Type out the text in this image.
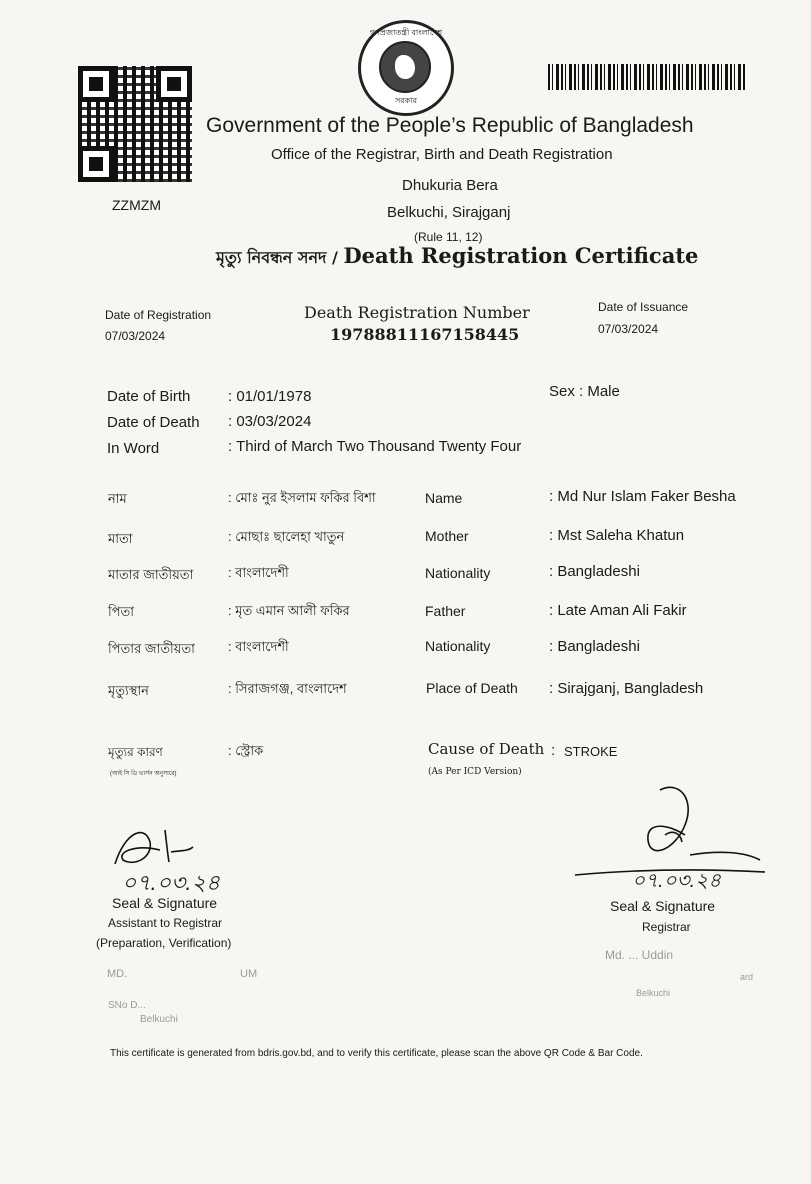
ZZMZM
গণপ্রজাতন্ত্রী বাংলাদেশ
সরকার
Government of the People’s Republic of Bangladesh
Office of the Registrar, Birth and Death Registration
Dhukuria Bera
Belkuchi, Sirajganj
(Rule 11, 12)
মৃত্যু নিবন্ধন সনদ / Death Registration Certificate
Date of Registration
07/03/2024
Death Registration Number
19788811167158445
Date of Issuance
07/03/2024
Date of Birth	: 01/01/1978
Date of Death : 03/03/2024
In Word	: Third of March Two Thousand Twenty Four
Sex : Male
নাম	: মোঃ নুর ইসলাম ফকির বিশা	Name	: Md Nur Islam Faker Besha
মাতা	: মোছাঃ ছালেহা খাতুন	Mother	: Mst Saleha Khatun
মাতার জাতীয়তা	: বাংলাদেশী	Nationality	: Bangladeshi
পিতা	: মৃত এমান আলী ফকির	Father	: Late Aman Ali Fakir
পিতার জাতীয়তা	: বাংলাদেশী	Nationality	: Bangladeshi
মৃত্যুস্থান	: সিরাজগঞ্জ, বাংলাদেশ	Place of Death : Sirajganj, Bangladesh
মৃত্যুর কারণ
(আই সি ডি ভার্সন অনুসারে)
: স্ট্রোক	Cause of Death : STROKE
(As Per ICD Version)
০৭.০৩.২৪
Seal & Signature
Assistant to Registrar
(Preparation, Verification)
MD.	UM
SNo D...
Belkuchi
০৭.০৩.২৪
Seal & Signature
Registrar
Md. ... Uddin
ard
Belkuchi
This certificate is generated from bdris.gov.bd, and to verify this certificate, please scan the above QR Code & Bar Code.
